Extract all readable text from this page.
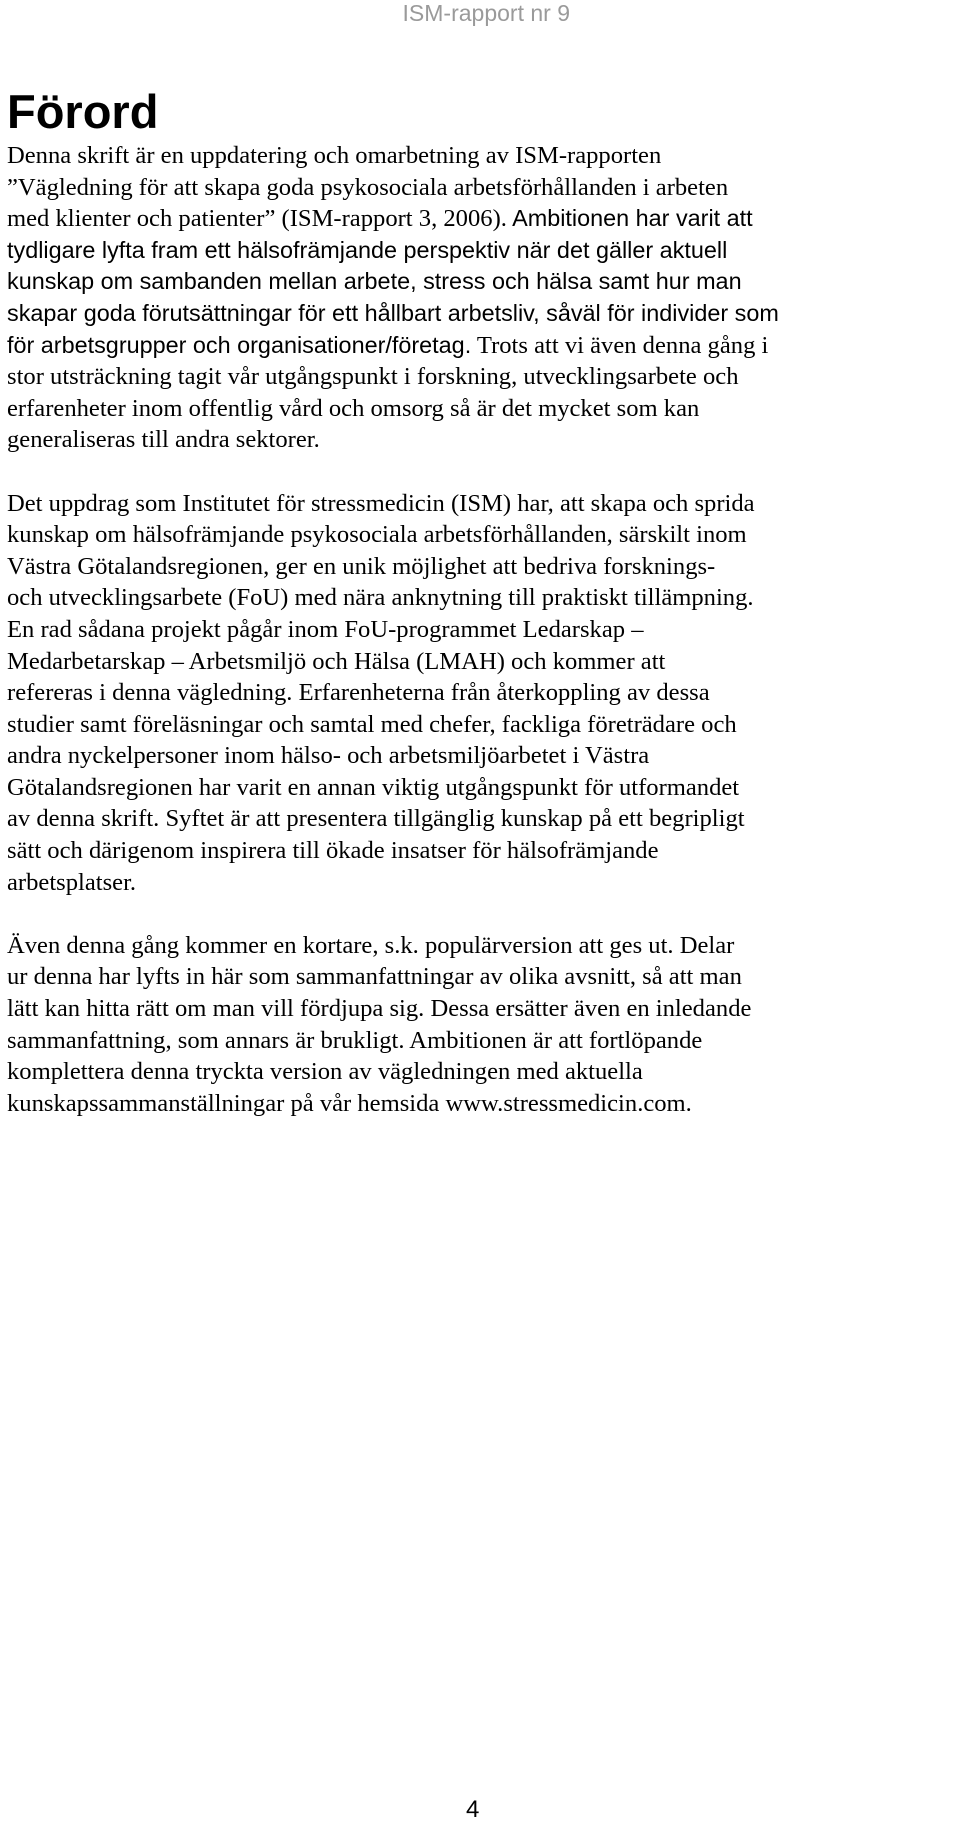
ISM-rapport nr 9
Förord

Denna skrift är en uppdatering och omarbetning av ISM-rapporten
”Vägledning för att skapa goda psykosociala arbetsförhållanden i arbeten
med klienter och patienter” (ISM-rapport 3, 2006). Ambitionen har varit att
tydligare lyfta fram ett hälsofrämjande perspektiv när det gäller aktuell
kunskap om sambanden mellan arbete, stress och hälsa samt hur man
skapar goda förutsättningar för ett hållbart arbetsliv, såväl för individer som
för arbetsgrupper och organisationer/företag. Trots att vi även denna gång i
stor utsträckning tagit vår utgångspunkt i forskning, utvecklingsarbete och
erfarenheter inom offentlig vård och omsorg så är det mycket som kan
generaliseras till andra sektorer.

Det uppdrag som Institutet för stressmedicin (ISM) har, att skapa och sprida
kunskap om hälsofrämjande psykosociala arbetsförhållanden, särskilt inom
Västra Götalandsregionen, ger en unik möjlighet att bedriva forsknings-
och utvecklingsarbete (FoU) med nära anknytning till praktiskt tillämpning.
En rad sådana projekt pågår inom FoU-programmet Ledarskap –
Medarbetarskap – Arbetsmiljö och Hälsa (LMAH) och kommer att
refereras i denna vägledning. Erfarenheterna från återkoppling av dessa
studier samt föreläsningar och samtal med chefer, fackliga företrädare och
andra nyckelpersoner inom hälso- och arbetsmiljöarbetet i Västra
Götalandsregionen har varit en annan viktig utgångspunkt för utformandet
av denna skrift. Syftet är att presentera tillgänglig kunskap på ett begripligt
sätt och därigenom inspirera till ökade insatser för hälsofrämjande
arbetsplatser.

Även denna gång kommer en kortare, s.k. populärversion att ges ut. Delar
ur denna har lyfts in här som sammanfattningar av olika avsnitt, så att man
lätt kan hitta rätt om man vill fördjupa sig. Dessa ersätter även en inledande
sammanfattning, som annars är brukligt. Ambitionen är att fortlöpande
komplettera denna tryckta version av vägledningen med aktuella
kunskapssammanställningar på vår hemsida www.stressmedicin.com.

4
